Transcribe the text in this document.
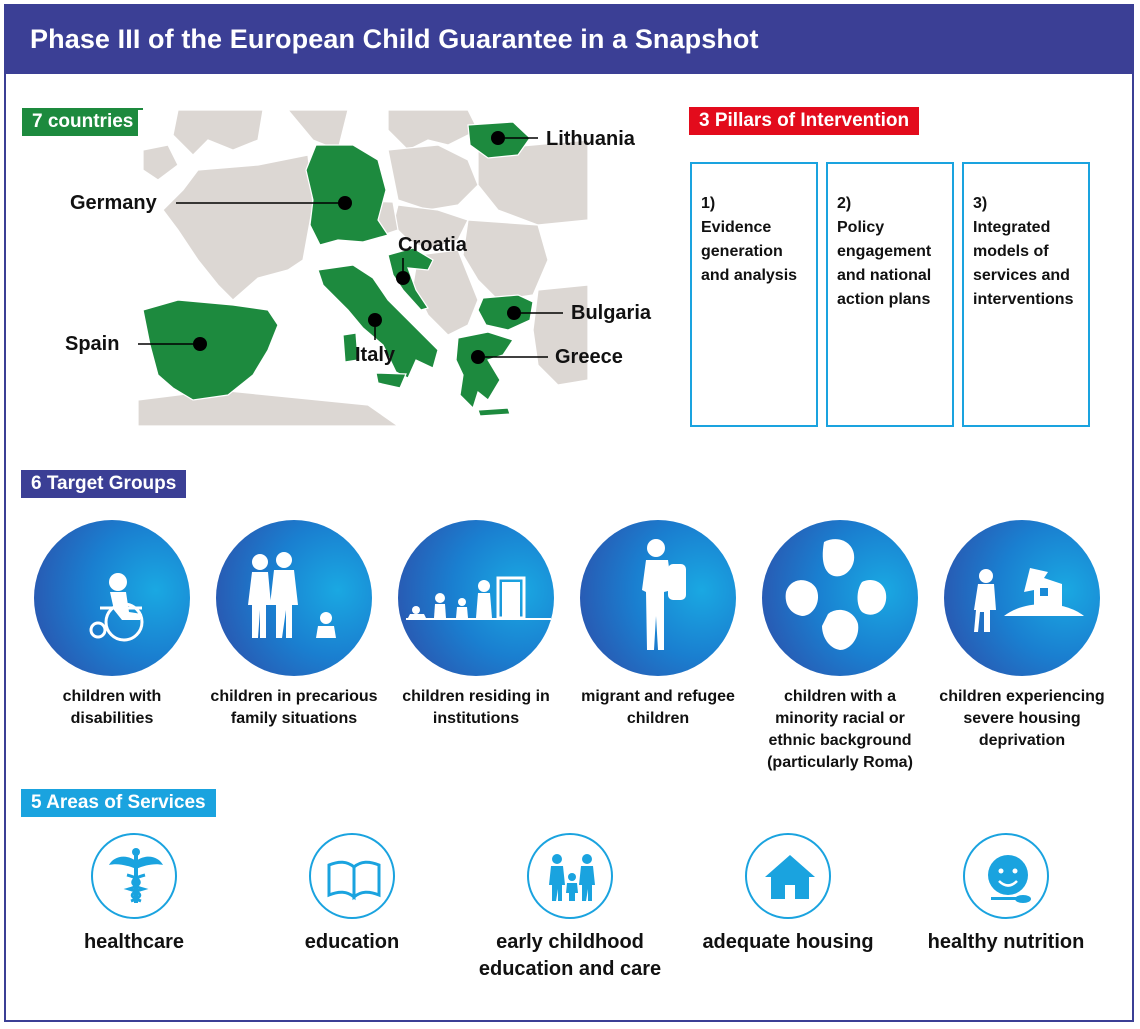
Phase III of the European Child Guarantee in a Snapshot
7 countries
Germany
Croatia
Spain	Italy
Bulgaria
Greece
Lithuania
3 Pillars of Intervention
1)
Evidence generation and analysis
2)
Policy engagement and national action plans
3)
Integrated models of services and interventions
6 Target Groups
children with disabilities
children in precarious family situations
children residing in institutions
migrant and refugee children
children with a minority racial or ethnic background (particularly Roma)
children experiencing severe housing deprivation
5 Areas of Services
healthcare	education	early childhood education and care
adequate housing	healthy nutrition
